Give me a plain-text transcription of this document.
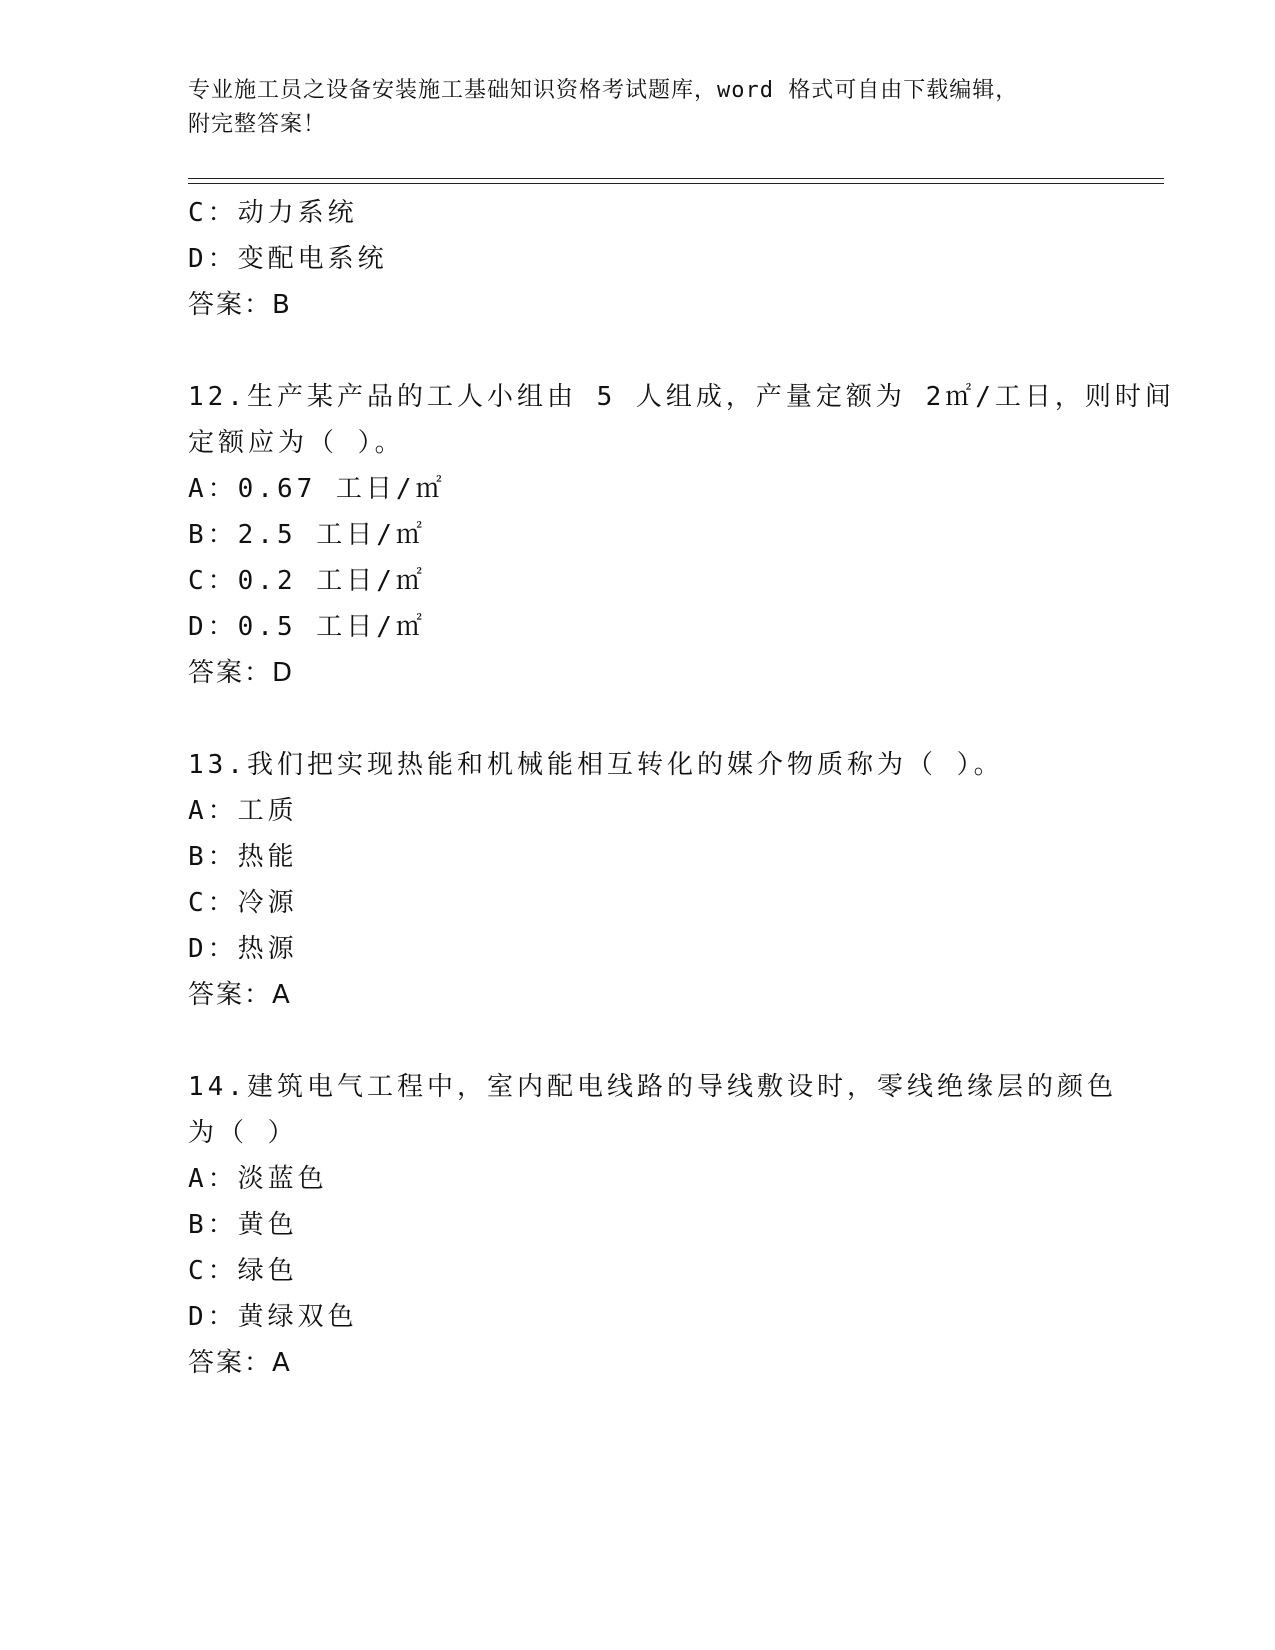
专业施工员之设备安装施工基础知识资格考试题库，word 格式可自由下载编辑，
附完整答案！
C：动力系统
D：变配电系统
答案：B
12.生产某产品的工人小组由 5 人组成，产量定额为 2㎡/工日，则时间
定额应为（ ）。
A：0.67 工日/㎡
B：2.5 工日/㎡
C：0.2 工日/㎡
D：0.5 工日/㎡
答案：D
13.我们把实现热能和机械能相互转化的媒介物质称为（ ）。
A：工质
B：热能
C：冷源
D：热源
答案：A
14.建筑电气工程中，室内配电线路的导线敷设时，零线绝缘层的颜色
为（ ）
A：淡蓝色
B：黄色
C：绿色
D：黄绿双色
答案：A
